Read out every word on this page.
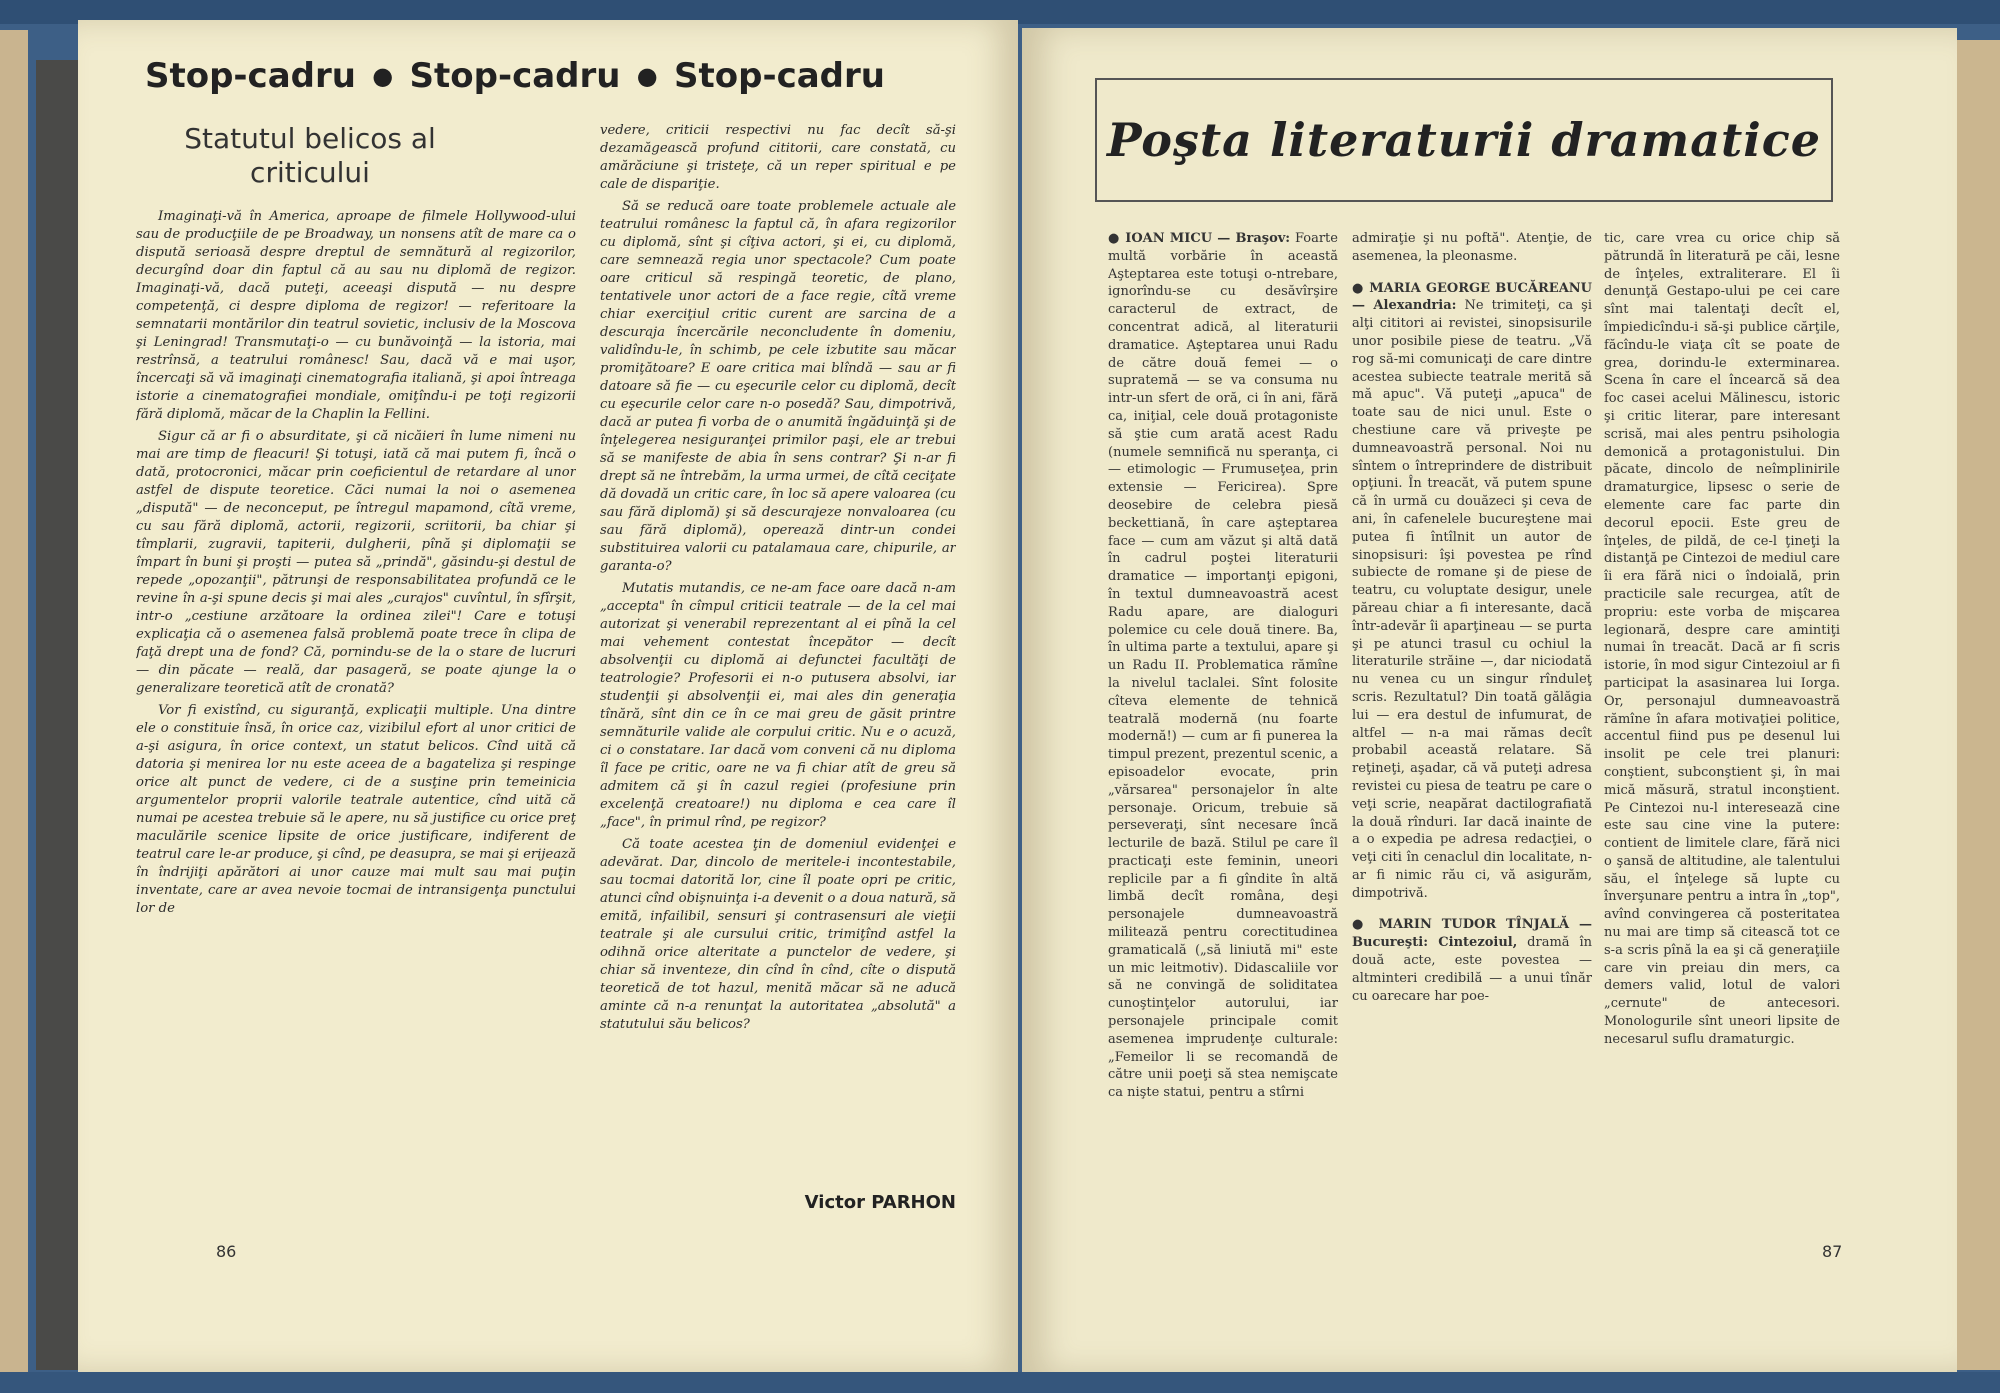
Stop-cadru ● Stop-cadru ● Stop-cadru
Statutul belicos al criticului

Imaginaţi-vă în America, aproape de filmele Hollywood-ului sau de producţiile de pe Broadway, un nonsens atît de mare ca o dispută serioasă despre dreptul de semnătură al regizorilor, decurgînd doar din faptul că au sau nu diplomă de regizor. Imaginaţi-vă, dacă puteţi, aceeaşi dispută — nu despre competenţă, ci despre diploma de regizor! — referitoare la semnatarii montărilor din teatrul sovietic, inclusiv de la Moscova şi Leningrad! Transmutaţi-o — cu bunăvoinţă — la istoria, mai restrînsă, a teatrului românesc! Sau, dacă vă e mai uşor, încercaţi să vă imaginaţi cinematografia italiană, şi apoi întreaga istorie a cinematografiei mondiale, omiţîndu-i pe toţi regizorii fără diplomă, măcar de la Chaplin la Fellini.

Sigur că ar fi o absurditate, şi că nicăieri în lume nimeni nu mai are timp de fleacuri! Şi totuşi, iată că mai putem fi, încă o dată, protocronici, măcar prin coeficientul de retardare al unor astfel de dispute teoretice. Căci numai la noi o asemenea „dispută" — de neconceput, pe întregul mapamond, cîtă vreme, cu sau fără diplomă, actorii, regizorii, scriitorii, ba chiar şi tîmplarii, zugravii, tapiterii, dulgherii, pînă şi diplomaţii se împart în buni şi proşti — putea să „prindă", găsindu-şi destul de repede „opozanţii", pătrunşi de responsabilitatea profundă ce le revine în a-şi spune decis şi mai ales „curajos" cuvîntul, în sfîrşit, intr-o „cestiune arzătoare la ordinea zilei"! Care e totuşi explicaţia că o asemenea falsă problemă poate trece în clipa de faţă drept una de fond? Că, pornindu-se de la o stare de lucruri — din păcate — reală, dar pasageră, se poate ajunge la o generalizare teoretică atît de cronată?

Vor fi existînd, cu siguranţă, explicaţii multiple. Una dintre ele o constituie însă, în orice caz, vizibilul efort al unor critici de a-şi asigura, în orice context, un statut belicos. Cînd uită că datoria şi menirea lor nu este aceea de a bagateliza şi respinge orice alt punct de vedere, ci de a susţine prin temeinicia argumentelor proprii valorile teatrale autentice, cînd uită că numai pe acestea trebuie să le apere, nu să justifice cu orice preţ maculările scenice lipsite de orice justificare, indiferent de teatrul care le-ar produce, şi cînd, pe deasupra, se mai şi erijează în îndrijiţi apărători ai unor cauze mai mult sau mai puţin inventate, care ar avea nevoie tocmai de intransigenţa punctului lor de

vedere, criticii respectivi nu fac decît să-şi dezamăgească profund cititorii, care constată, cu amărăciune şi tristeţe, că un reper spiritual e pe cale de dispariţie.

Să se reducă oare toate problemele actuale ale teatrului românesc la faptul că, în afara regizorilor cu diplomă, sînt şi cîţiva actori, şi ei, cu diplomă, care semnează regia unor spectacole? Cum poate oare criticul să respingă teoretic, de plano, tentativele unor actori de a face regie, cîtă vreme chiar exerciţiul critic curent are sarcina de a descuraja încercările neconcludente în domeniu, validîndu-le, în schimb, pe cele izbutite sau măcar promiţătoare? E oare critica mai blîndă — sau ar fi datoare să fie — cu eşecurile celor cu diplomă, decît cu eşecurile celor care n-o posedă? Sau, dimpotrivă, dacă ar putea fi vorba de o anumită îngăduinţă şi de înţelegerea nesiguranţei primilor paşi, ele ar trebui să se manifeste de abia în sens contrar? Şi n-ar fi drept să ne întrebăm, la urma urmei, de cîtă ceciţate dă dovadă un critic care, în loc să apere valoarea (cu sau fără diplomă) şi să descurajeze nonvaloarea (cu sau fără diplomă), operează dintr-un condei substituirea valorii cu patalamaua care, chipurile, ar garanta-o?

Mutatis mutandis, ce ne-am face oare dacă n-am „accepta" în cîmpul criticii teatrale — de la cel mai autorizat şi venerabil reprezentant al ei pînă la cel mai vehement contestat începător — decît absolvenţii cu diplomă ai defunctei facultăţi de teatrologie? Profesorii ei n-o putusera absolvi, iar studenţii şi absolvenţii ei, mai ales din generaţia tînără, sînt din ce în ce mai greu de găsit printre semnăturile valide ale corpului critic. Nu e o acuză, ci o constatare. Iar dacă vom conveni că nu diploma îl face pe critic, oare ne va fi chiar atît de greu să admitem că şi în cazul regiei (profesiune prin excelenţă creatoare!) nu diploma e cea care îl „face", în primul rînd, pe regizor?

Că toate acestea ţin de domeniul evidenţei e adevărat. Dar, dincolo de meritele-i incontestabile, sau tocmai datorită lor, cine îl poate opri pe critic, atunci cînd obişnuinţa i-a devenit o a doua natură, să emită, infailibil, sensuri şi contrasensuri ale vieţii teatrale şi ale cursului critic, trimiţînd astfel la odihnă orice alteritate a punctelor de vedere, şi chiar să inventeze, din cînd în cînd, cîte o dispută teoretică de tot hazul, menită măcar să ne aducă aminte că n-a renunţat la autoritatea „absolută" a statutului său belicos?

Victor PARHON
86
Poşta literaturii dramatice

● IOAN MICU — Braşov: Foarte multă vorbărie în această Aşteptarea este totuşi o-ntrebare, ignorîndu-se cu desăvîrşire caracterul de extract, de concentrat adică, al literaturii dramatice. Aşteptarea unui Radu de către două femei — o supratemă — se va consuma nu intr-un sfert de oră, ci în ani, fără ca, iniţial, cele două protagoniste să ştie cum arată acest Radu (numele semnifică nu speranţa, ci — etimologic — Frumuseţea, prin extensie — Fericirea). Spre deosebire de celebra piesă beckettiană, în care aşteptarea face — cum am văzut şi altă dată în cadrul poştei literaturii dramatice — importanţi epigoni, în textul dumneavoastră acest Radu apare, are dialoguri polemice cu cele două tinere. Ba, în ultima parte a textului, apare şi un Radu II. Problematica rămîne la nivelul taclalei. Sînt folosite cîteva elemente de tehnică teatrală modernă (nu foarte modernă!) — cum ar fi punerea la timpul prezent, prezentul scenic, a episoadelor evocate, prin „vărsarea" personajelor în alte personaje. Oricum, trebuie să perseveraţi, sînt necesare încă lecturile de bază. Stilul pe care îl practicaţi este feminin, uneori replicile par a fi gîndite în altă limbă decît româna, deşi personajele dumneavoastră militează pentru corectitudinea gramaticală („să liniută mi" este un mic leitmotiv). Didascaliile vor să ne convingă de soliditatea cunoştinţelor autorului, iar personajele principale comit asemenea imprudenţe culturale: „Femeilor li se recomandă de către unii poeţi să stea nemişcate ca nişte statui, pentru a stîrni

admiraţie şi nu poftă". Atenţie, de asemenea, la pleonasme.

● MARIA GEORGE BUCĂREANU — Alexandria: Ne trimiteţi, ca şi alţi cititori ai revistei, sinopsisurile unor posibile piese de teatru. „Vă rog să-mi comunicaţi de care dintre acestea subiecte teatrale merită să mă apuc". Vă puteţi „apuca" de toate sau de nici unul. Este o chestiune care vă priveşte pe dumneavoastră personal. Noi nu sîntem o întreprindere de distribuit opţiuni. În treacăt, vă putem spune că în urmă cu douăzeci şi ceva de ani, în cafenelele bucureştene mai putea fi întîlnit un autor de sinopsisuri: îşi povestea pe rînd subiecte de romane şi de piese de teatru, cu voluptate desigur, unele păreau chiar a fi interesante, dacă într-adevăr îi aparţineau — se purta şi pe atunci trasul cu ochiul la literaturile străine —, dar niciodată nu venea cu un singur rînduleţ scris. Rezultatul? Din toată gălăgia lui — era destul de infumurat, de altfel — n-a mai rămas decît probabil aceastǎ relatare. Să reţineţi, aşadar, că vă puteţi adresa revistei cu piesa de teatru pe care o veţi scrie, neapărat dactilografiată la două rînduri. Iar dacă inainte de a o expedia pe adresa redacţiei, o veţi citi în cenaclul din localitate, n-ar fi nimic rău ci, vă asigurăm, dimpotrivă.

● MARIN TUDOR TÎNJALĂ — Bucureşti: Cintezoiul, dramă în două acte, este povestea — altminteri credibilă — a unui tînăr cu oarecare har poe-

tic, care vrea cu orice chip să pătrundă în literatură pe căi, lesne de înţeles, extraliterare. El îi denunţă Gestapo-ului pe cei care sînt mai talentaţi decît el, împiedicîndu-i să-şi publice cărţile, făcîndu-le viaţa cît se poate de grea, dorindu-le exterminarea. Scena în care el încearcă să dea foc casei acelui Mălinescu, istoric şi critic literar, pare interesant scrisă, mai ales pentru psihologia demonică a protagonistului. Din păcate, dincolo de neîmplinirile dramaturgice, lipsesc o serie de elemente care fac parte din decorul epocii. Este greu de înţeles, de pildă, de ce-l ţineţi la distanţă pe Cintezoi de mediul care îi era fără nici o îndoială, prin practicile sale recurgea, atît de propriu: este vorba de mişcarea legionară, despre care amintiţi numai în treacăt. Dacă ar fi scris istorie, în mod sigur Cintezoiul ar fi participat la asasinarea lui Iorga. Or, personajul dumneavoastră rămîne în afara motivaţiei politice, accentul fiind pus pe desenul lui insolit pe cele trei planuri: conştient, subconştient şi, în mai mică măsură, stratul inconştient. Pe Cintezoi nu-l interesează cine este sau cine vine la putere: contient de limitele clare, fără nici o şansă de altitudine, ale talentului său, el înţelege să lupte cu înverşunare pentru a intra în „top", avînd convingerea că posteritatea nu mai are timp să citească tot ce s-a scris pînă la ea şi că generaţiile care vin preiau din mers, ca demers valid, lotul de valori „cernute" de antecesori. Monologurile sînt uneori lipsite de necesarul suflu dramaturgic.

87
